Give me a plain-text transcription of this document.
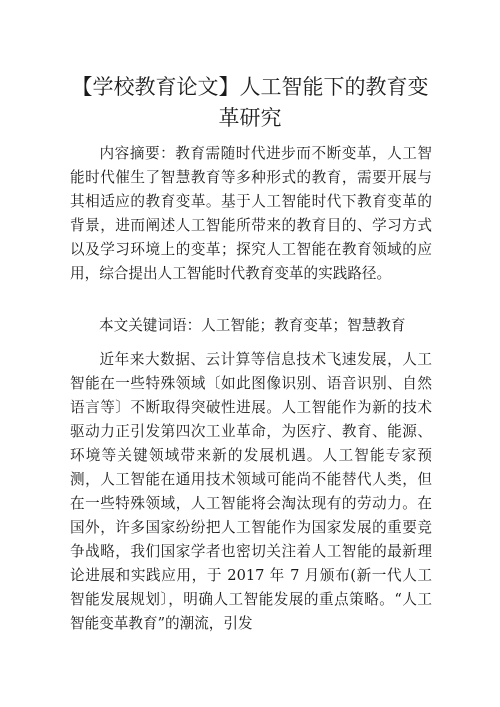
【学校教育论文】人工智能下的教育变革研究

内容摘要：教育需随时代进步而不断变革，人工智能时代催生了智慧教育等多种形式的教育，需要开展与其相适应的教育变革。基于人工智能时代下教育变革的背景，进而阐述人工智能所带来的教育目的、学习方式以及学习环境上的变革；探究人工智能在教育领域的应用，综合提出人工智能时代教育变革的实践路径。

本文关键词语：人工智能；教育变革；智慧教育

近年来大数据、云计算等信息技术飞速发展，人工智能在一些特殊领域〔如此图像识别、语音识别、自然语言等〕不断取得突破性进展。人工智能作为新的技术驱动力正引发第四次工业革命，为医疗、教育、能源、环境等关键领域带来新的发展机遇。人工智能专家预测，人工智能在通用技术领域可能尚不能替代人类，但在一些特殊领域，人工智能将会淘汰现有的劳动力。在国外，许多国家纷纷把人工智能作为国家发展的重要竞争战略，我们国家学者也密切关注着人工智能的最新理论进展和实践应用，于 2017 年 7 月颁布(新一代人工智能发展规划〕，明确人工智能发展的重点策略。“人工智能变革教育”的潮流，引发
